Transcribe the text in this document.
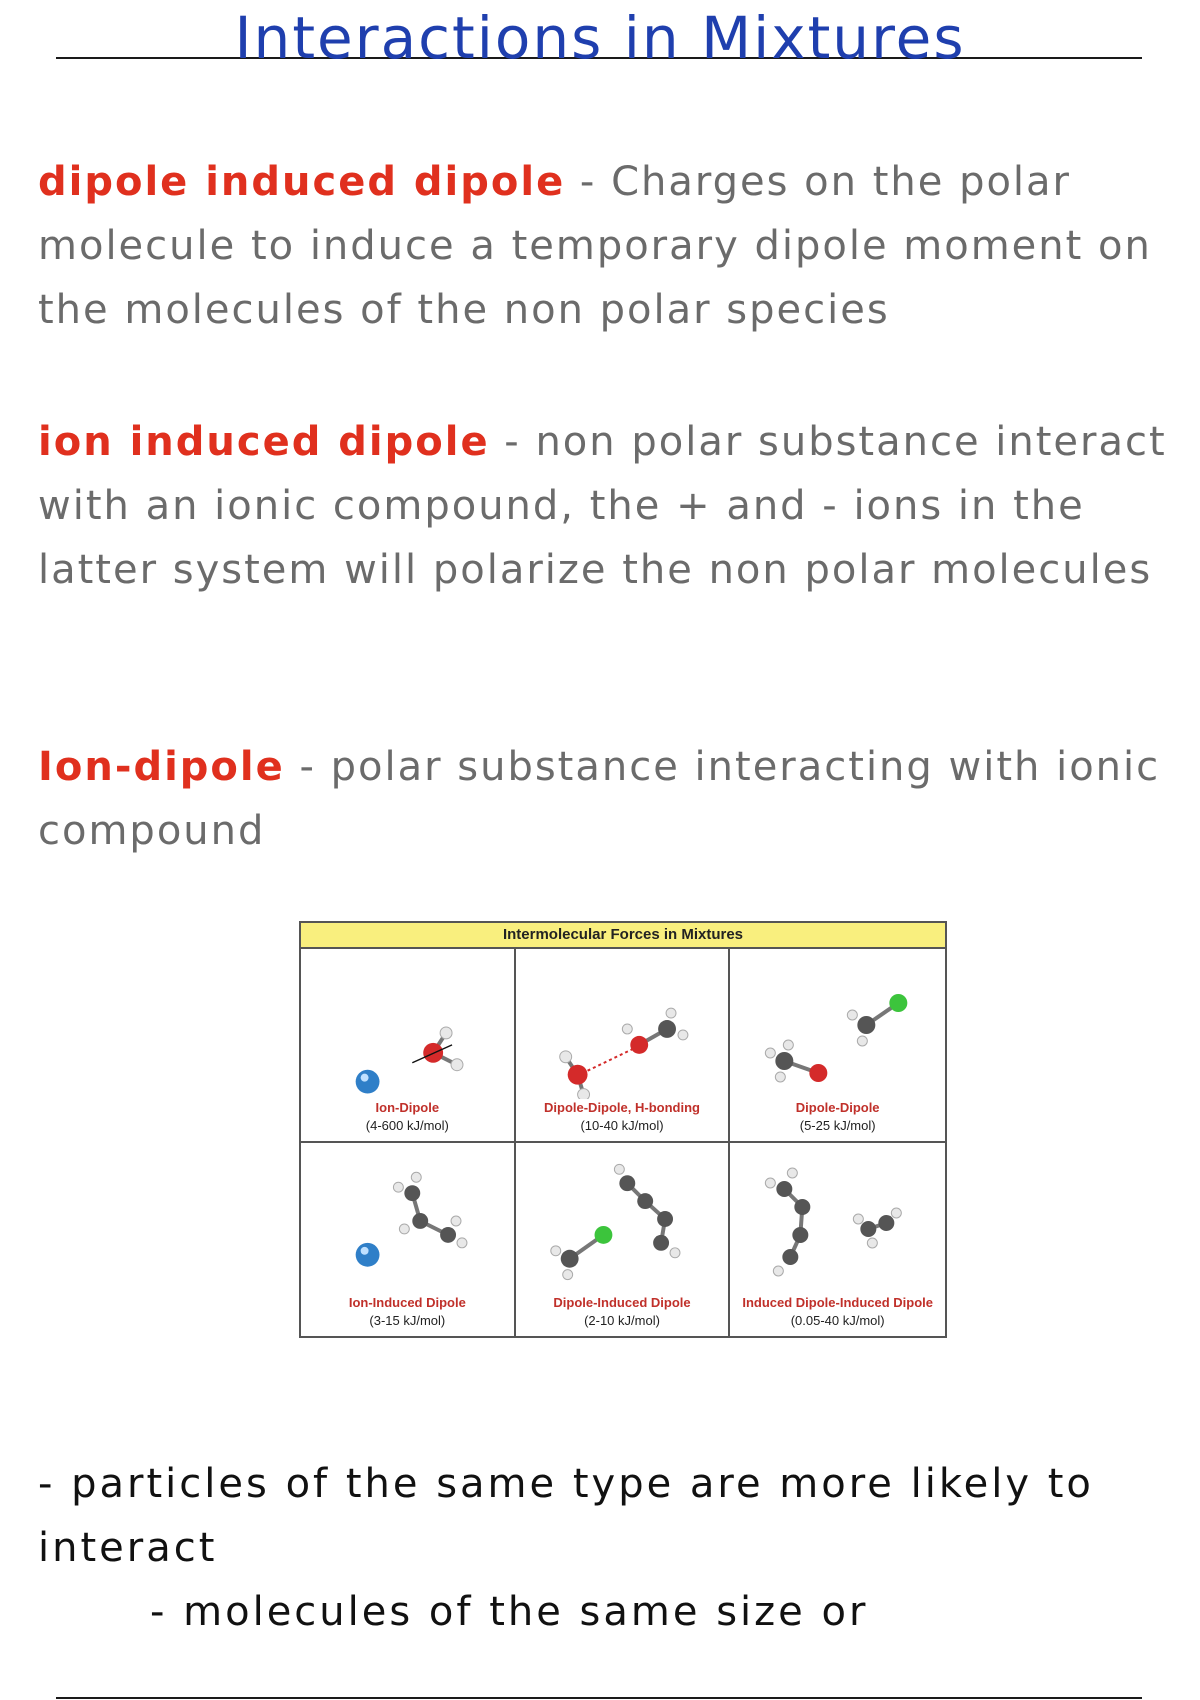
Interactions in Mixtures
dipole induced dipole - Charges on the polar molecule to induce a temporary dipole moment on the molecules of the non polar species
ion induced dipole - non polar substance interact with an ionic compound, the + and - ions in the latter system will polarize the non polar molecules
Ion-dipole - polar substance interacting with ionic compound
Intermolecular Forces in Mixtures
Ion-Dipole
(4-600 kJ/mol)
Dipole-Dipole, H-bonding
(10-40 kJ/mol)
Dipole-Dipole
(5-25 kJ/mol)
Ion-Induced Dipole
(3-15 kJ/mol)
Dipole-Induced Dipole
(2-10 kJ/mol)
Induced Dipole-Induced Dipole
(0.05-40 kJ/mol)
- particles of the same type are more likely to interact
- molecules of the same size or
